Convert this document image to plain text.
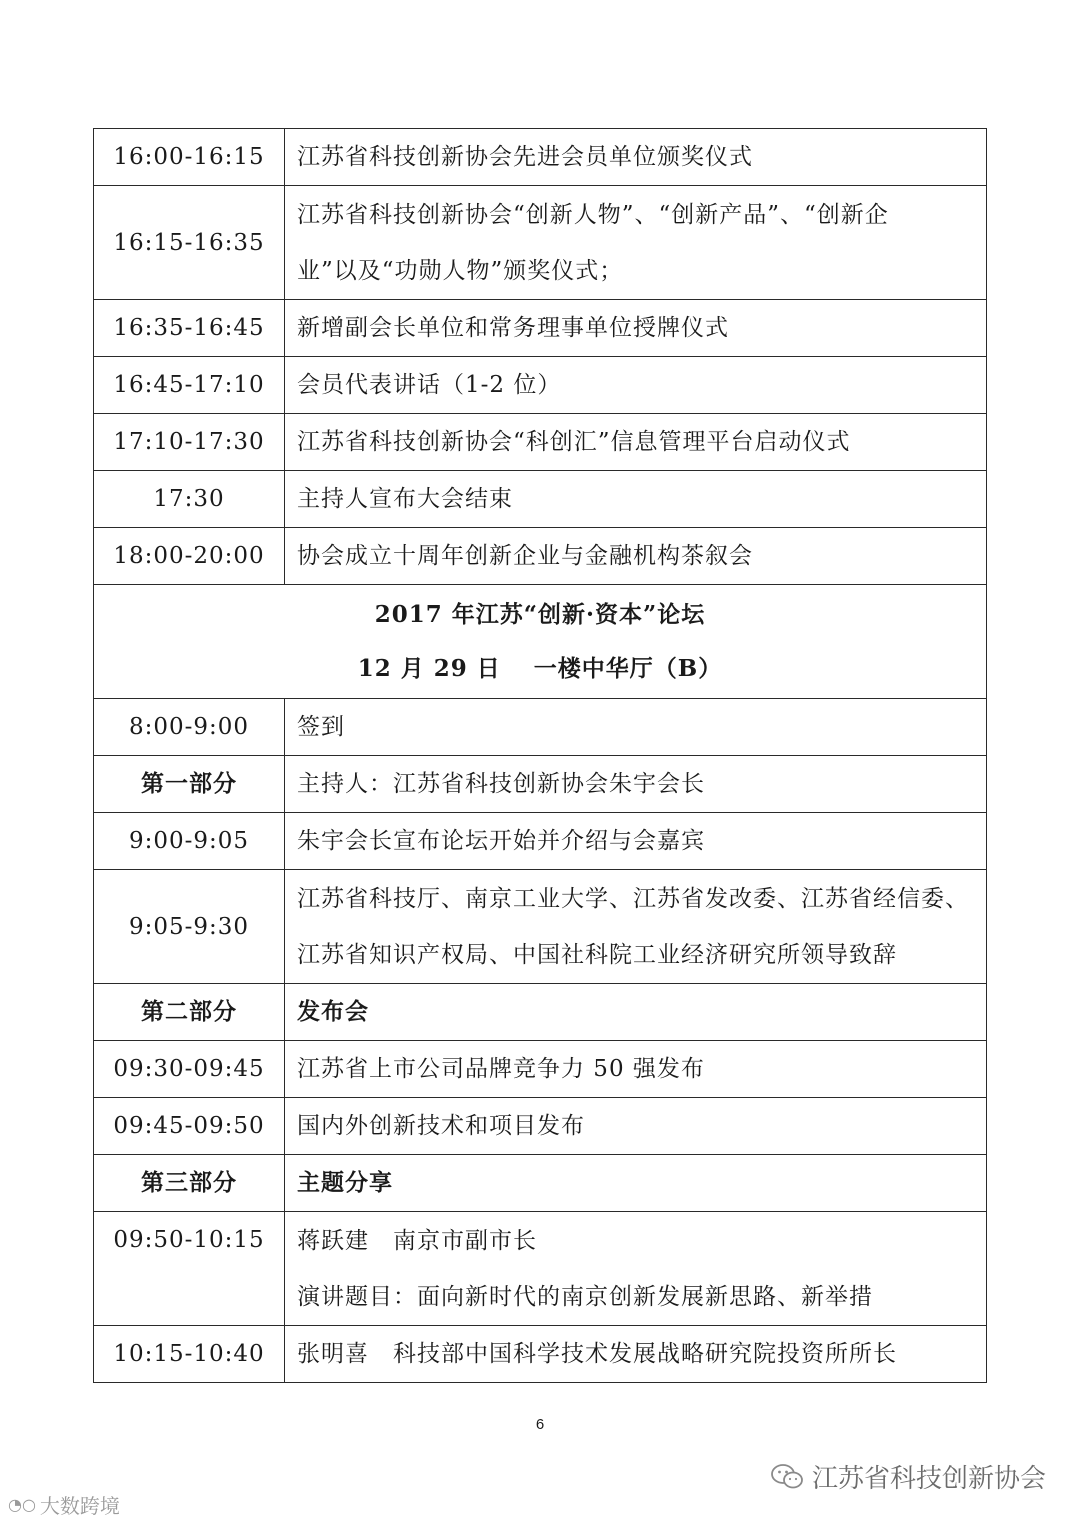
16:00-16:15	江苏省科技创新协会先进会员单位颁奖仪式

16:15-16:35	江苏省科技创新协会“创新人物”、“创新产品”、“创新企
业”以及“功勋人物”颁奖仪式；

16:35-16:45	新增副会长单位和常务理事单位授牌仪式

16:45-17:10	会员代表讲话（1-2 位）

17:10-17:30	江苏省科技创新协会“科创汇”信息管理平台启动仪式

17:30	主持人宣布大会结束

18:00-20:00	协会成立十周年创新企业与金融机构茶叙会

2017 年江苏“创新·资本”论坛
12 月 29 日　 一楼中华厅（B）	

8:00-9:00	签到

第一部分	主持人：江苏省科技创新协会朱宇会长

9:00-9:05	朱宇会长宣布论坛开始并介绍与会嘉宾

9:05-9:30	江苏省科技厅、南京工业大学、江苏省发改委、江苏省经信委、
江苏省知识产权局、中国社科院工业经济研究所领导致辞

第二部分	发布会

09:30-09:45	江苏省上市公司品牌竞争力 50 强发布

09:45-09:50	国内外创新技术和项目发布

第三部分	主题分享

09:50-10:15	蒋跃建　南京市副市长
演讲题目：面向新时代的南京创新发展新思路、新举措

10:15-10:40	张明喜　科技部中国科学技术发展战略研究院投资所所长
6
江苏省科技创新协会
◔○ 大数跨境
